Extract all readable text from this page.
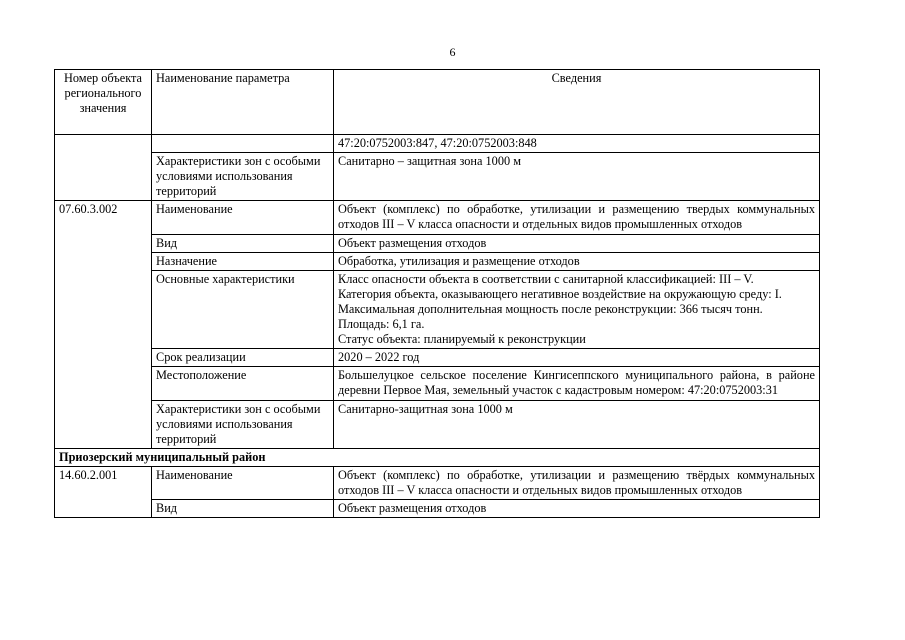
6
Номер объекта регионального значения	Наименование параметра	Сведения
		47:20:0752003:847, 47:20:0752003:848
	Характеристики зон с особыми условиями использования территорий	Санитарно – защитная зона 1000 м
07.60.3.002	Наименование	Объект (комплекс) по обработке, утилизации и размещению твердых коммунальных отходов III – V класса опасности и отдельных видов промышленных отходов
	Вид	Объект размещения отходов
	Назначение	Обработка, утилизация и размещение отходов
	Основные характеристики	Класс опасности объекта в соответствии с санитарной классификацией: III – V.
Категория объекта, оказывающего негативное воздействие на окружающую среду: I.
Максимальная дополнительная мощность после реконструкции: 366 тысяч тонн.
Площадь: 6,1 га.
Статус объекта: планируемый к реконструкции

	Срок реализации	2020 – 2022 год
	Местоположение	Большелуцкое сельское поселение Кингисеппского муниципального района, в районе деревни Первое Мая, земельный участок с кадастровым номером: 47:20:0752003:31
	Характеристики зон с особыми условиями использования территорий	Санитарно-защитная зона 1000 м
Приозерский муниципальный район		
14.60.2.001	Наименование	Объект (комплекс) по обработке, утилизации и размещению твёрдых коммунальных отходов III – V класса опасности и отдельных видов промышленных отходов
	Вид	Объект размещения отходов
